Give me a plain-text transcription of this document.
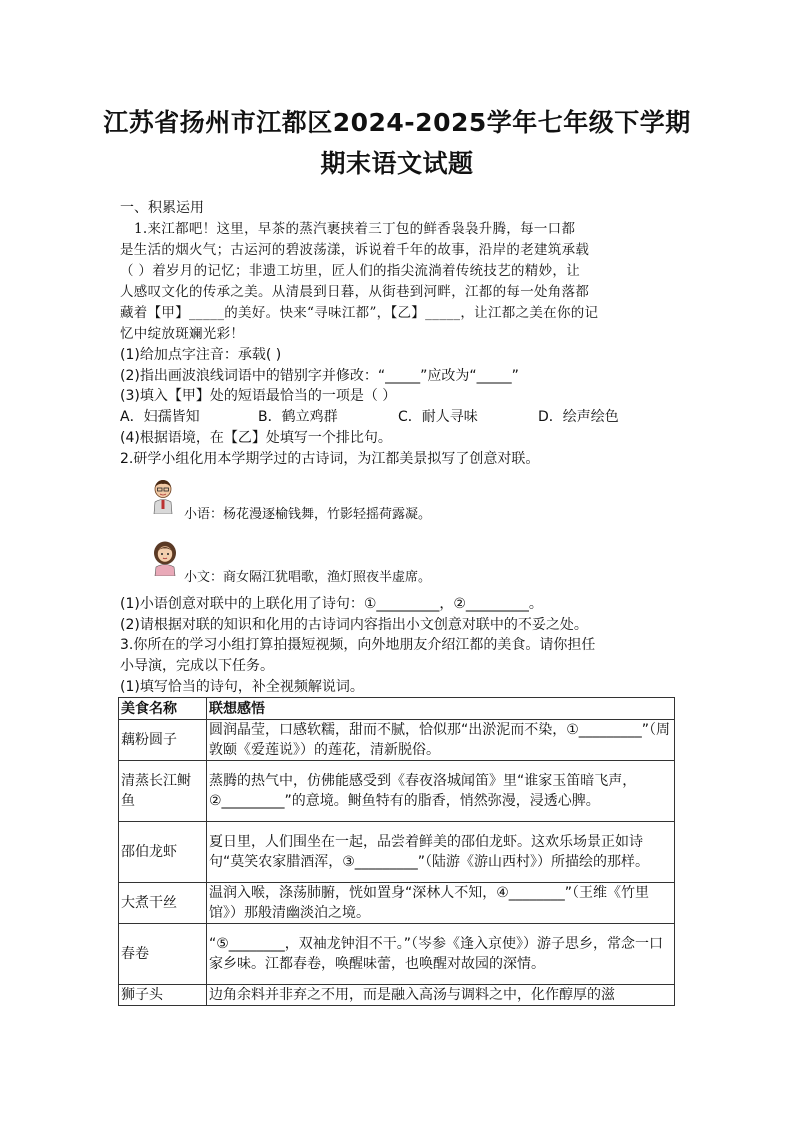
江苏省扬州市江都区2024-2025学年七年级下学期
期末语文试题
一、积累运用
1.来江都吧！这里，早茶的蒸汽裹挟着三丁包的鲜香袅袅升腾，每一口都
是生活的烟火气；古运河的碧波荡漾，诉说着千年的故事，沿岸的老建筑承载
（ ）着岁月的记忆；非遗工坊里，匠人们的指尖流淌着传统技艺的精妙，让
人感叹文化的传承之美。从清晨到日暮，从街巷到河畔，江都的每一处角落都
藏着【甲】_____的美好。快来“寻味江都”，【乙】_____，让江都之美在你的记
忆中绽放斑斓光彩！
(1)给加点字注音：承载( )
(2)指出画波浪线词语中的错别字并修改：“_____”应改为“_____”
(3)填入【甲】处的短语最恰当的一项是（ ）
A．妇孺皆知	B．鹤立鸡群	C．耐人寻味	D．绘声绘色
(4)根据语境，在【乙】处填写一个排比句。
2.研学小组化用本学期学过的古诗词，为江都美景拟写了创意对联。
小语：杨花漫逐榆钱舞，竹影轻摇荷露凝。
小文：商女隔江犹唱歌，渔灯照夜半虚席。
(1)小语创意对联中的上联化用了诗句：①_________，②_________。
(2)请根据对联的知识和化用的古诗词内容指出小文创意对联中的不妥之处。
3.你所在的学习小组打算拍摄短视频，向外地朋友介绍江都的美食。请你担任
小导演，完成以下任务。
(1)填写恰当的诗句，补全视频解说词。
美食名称	联想感悟
藕粉圆子	圆润晶莹，口感软糯，甜而不腻，恰似那“出淤泥而不染，①_________”（周敦颐《爱莲说》）的莲花，清新脱俗。
清蒸长江鲥鱼	蒸腾的热气中，仿佛能感受到《春夜洛城闻笛》里“谁家玉笛暗飞声，②_________”的意境。鲥鱼特有的脂香，悄然弥漫，浸透心脾。
邵伯龙虾	夏日里，人们围坐在一起，品尝着鲜美的邵伯龙虾。这欢乐场景正如诗句“莫笑农家腊酒浑，③_________”（陆游《游山西村》）所描绘的那样。
大煮干丝	温润入喉，涤荡肺腑，恍如置身“深林人不知，④________”（王维《竹里馆》）那般清幽淡泊之境。
春卷	“⑤________，双袖龙钟泪不干。”（岑参《逢入京使》）游子思乡，常念一口家乡味。江都春卷，唤醒味蕾，也唤醒对故园的深情。
狮子头	边角余料并非弃之不用，而是融入高汤与调料之中，化作醇厚的滋
